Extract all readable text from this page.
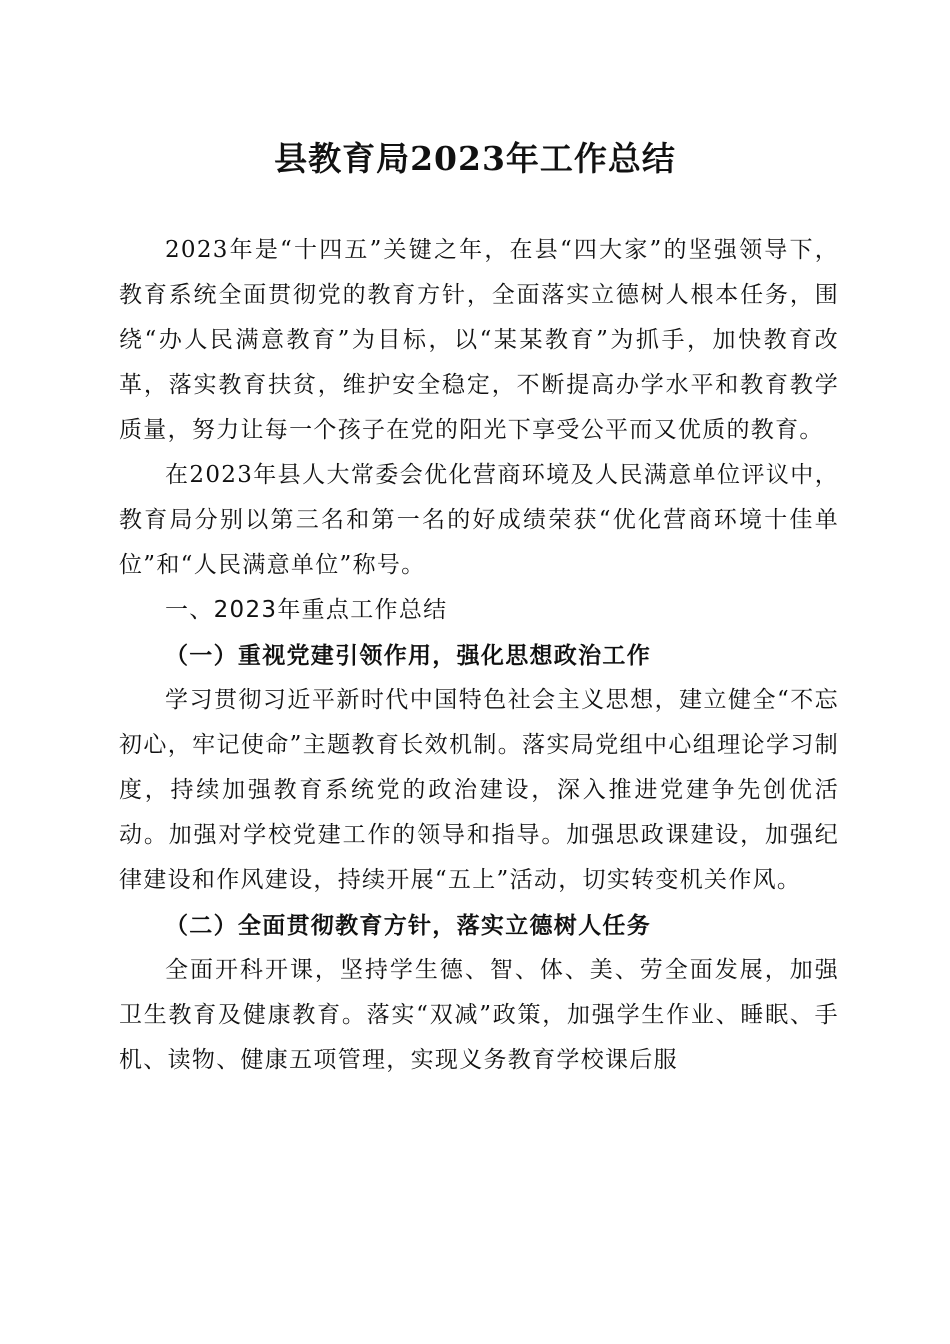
县教育局2023年工作总结

2023年是“十四五”关键之年，在县“四大家”的坚强领导下，教育系统全面贯彻党的教育方针，全面落实立德树人根本任务，围绕“办人民满意教育”为目标，以“某某教育”为抓手，加快教育改革，落实教育扶贫，维护安全稳定，不断提高办学水平和教育教学质量，努力让每一个孩子在党的阳光下享受公平而又优质的教育。

在2023年县人大常委会优化营商环境及人民满意单位评议中，教育局分别以第三名和第一名的好成绩荣获“优化营商环境十佳单位”和“人民满意单位”称号。

一、2023年重点工作总结

（一）重视党建引领作用，强化思想政治工作

学习贯彻习近平新时代中国特色社会主义思想，建立健全“不忘初心，牢记使命”主题教育长效机制。落实局党组中心组理论学习制度，持续加强教育系统党的政治建设，深入推进党建争先创优活动。加强对学校党建工作的领导和指导。加强思政课建设，加强纪律建设和作风建设，持续开展“五上”活动，切实转变机关作风。

（二）全面贯彻教育方针，落实立德树人任务

全面开科开课，坚持学生德、智、体、美、劳全面发展，加强卫生教育及健康教育。落实“双减”政策，加强学生作业、睡眠、手机、读物、健康五项管理，实现义务教育学校课后服
